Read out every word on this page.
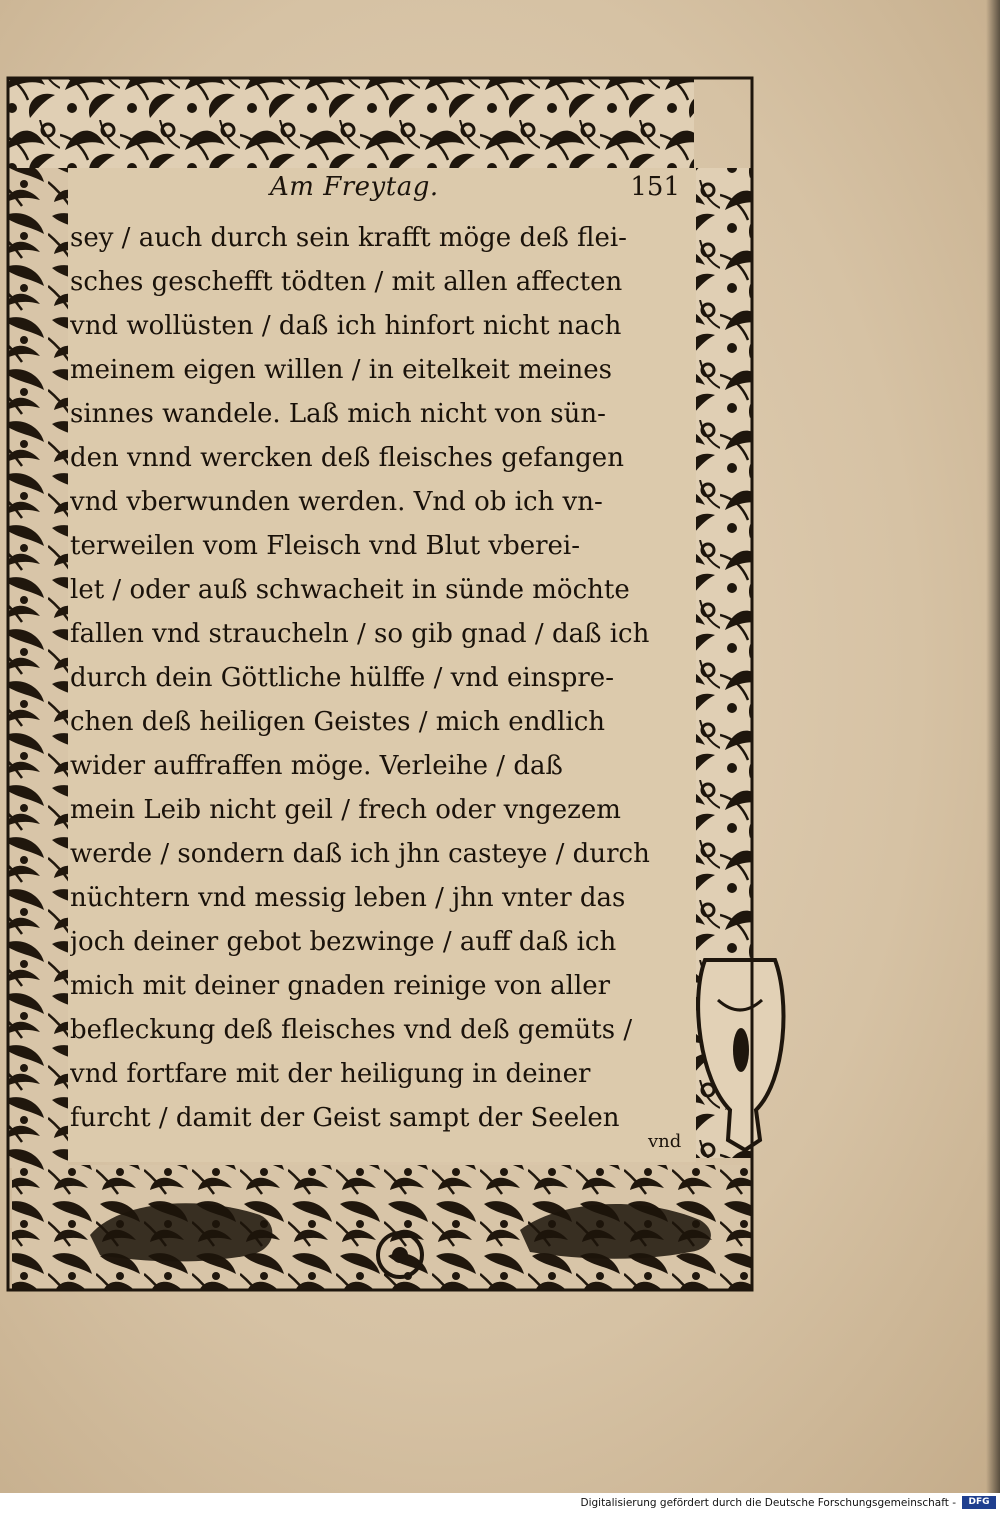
Am Freytag.	151
sey / auch durch sein krafft möge deß flei-
sches geschefft tödten / mit allen affecten
vnd wollüsten / daß ich hinfort nicht nach
meinem eigen willen / in eitelkeit meines
sinnes wandele. Laß mich nicht von sün-
den vnnd wercken deß fleisches gefangen
vnd vberwunden werden. Vnd ob ich vn-
terweilen vom Fleisch vnd Blut vberei-
let / oder auß schwacheit in sünde möchte
fallen vnd straucheln / so gib gnad / daß ich
durch dein Göttliche hülffe / vnd einspre-
chen deß heiligen Geistes / mich endlich
wider auffraffen möge. Verleihe / daß
mein Leib nicht geil / frech oder vngezem
werde / sondern daß ich jhn casteye / durch
nüchtern vnd messig leben / jhn vnter das
joch deiner gebot bezwinge / auff daß ich
mich mit deiner gnaden reinige von aller
befleckung deß fleisches vnd deß gemüts /
vnd fortfare mit der heiligung in deiner
furcht / damit der Geist sampt der Seelen
vnd
Digitalisierung gefördert durch die Deutsche Forschungsgemeinschaft -	DFG
